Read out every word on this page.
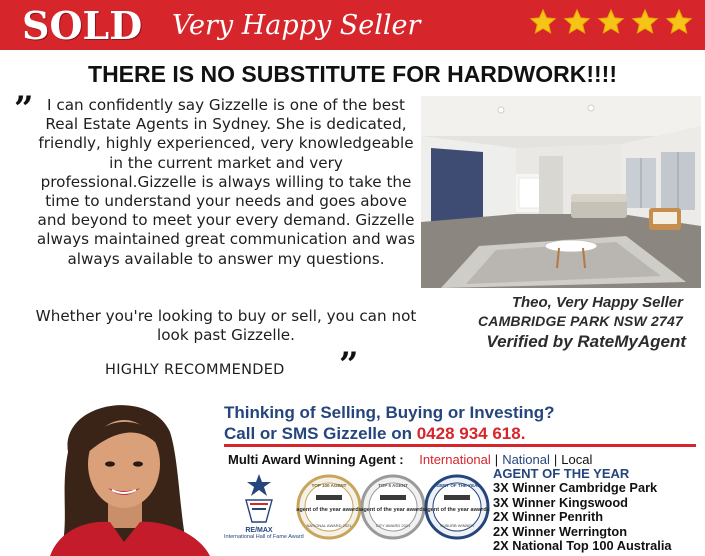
SOLD Very Happy Seller
THERE IS NO SUBSTITUTE FOR HARDWORK!!!!
” I can confidently say Gizzelle is one of the best Real Estate Agents in Sydney. She is dedicated, friendly, highly experienced, very knowledgeable in the current market and very professional.Gizzelle is always willing to take the time to understand your needs and goes above and beyond to meet your every demand. Gizzelle always maintained great communication and was always available to answer my questions.

Whether you're looking to buy or sell, you can not look past Gizzelle.

HIGHLY RECOMMENDED ”
Theo, Very Happy Seller
CAMBRIDGE PARK NSW 2747
Verified by RateMyAgent
Thinking of Selling, Buying or Investing?
Call or SMS Gizzelle on 0428 934 618.
Multi Award Winning Agent : International | National | Local
RE/MAX
International Hall of Fame Award
TOP 100 AGENT
agent of the year awards
NATIONAL AWARD 2021
TOP 5 AGENT
agent of the year awards
CITY AWARD 2021
AGENT OF THE YEAR
agent of the year awards
SUBURB WINNER
AGENT OF THE YEAR
3X Winner Cambridge Park
3X Winner Kingswood
2X Winner Penrith
2X Winner Werrington
2X National Top 100 Australia
